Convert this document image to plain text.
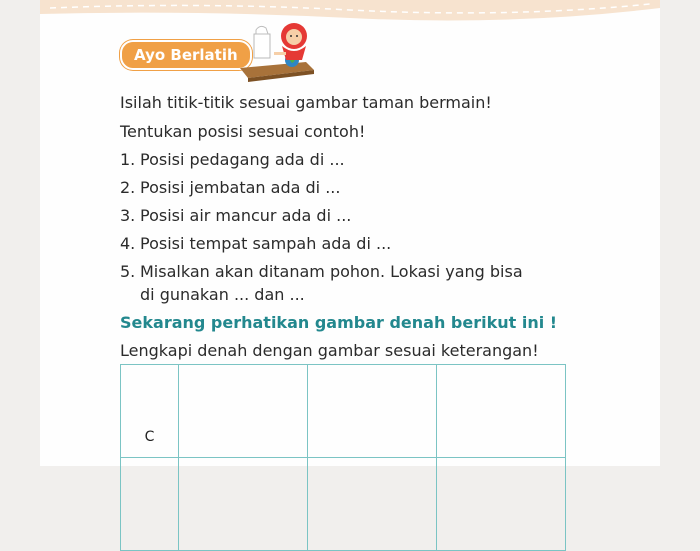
Ayo Berlatih
Isilah titik-titik sesuai gambar taman bermain!
Tentukan posisi sesuai contoh!
1. Posisi pedagang ada di ...
2. Posisi jembatan ada di ...
3. Posisi air mancur ada di ...
4. Posisi tempat sampah ada di ...
5. Misalkan akan ditanam pohon. Lokasi yang bisa
di gunakan ... dan ...
Sekarang perhatikan gambar denah berikut ini !
Lengkapi denah dengan gambar sesuai keterangan!
C			
